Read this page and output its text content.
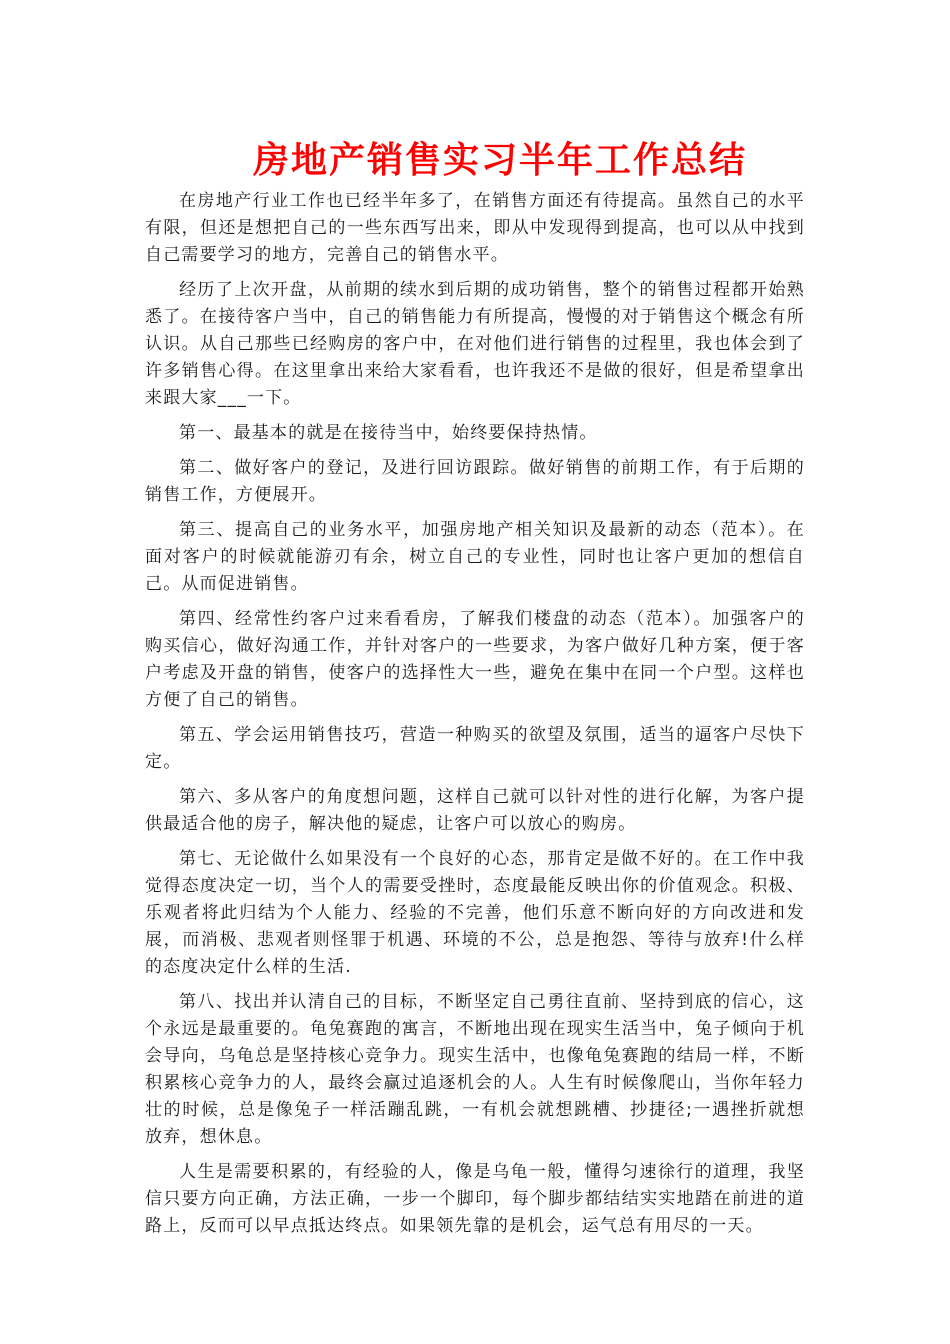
房地产销售实习半年工作总结

在房地产行业工作也已经半年多了，在销售方面还有待提高。虽然自己的水平有限，但还是想把自己的一些东西写出来，即从中发现得到提高，也可以从中找到自己需要学习的地方，完善自己的销售水平。

经历了上次开盘，从前期的续水到后期的成功销售，整个的销售过程都开始熟悉了。在接待客户当中，自己的销售能力有所提高，慢慢的对于销售这个概念有所认识。从自己那些已经购房的客户中，在对他们进行销售的过程里，我也体会到了许多销售心得。在这里拿出来给大家看看，也许我还不是做的很好，但是希望拿出来跟大家___一下。

第一、最基本的就是在接待当中，始终要保持热情。

第二、做好客户的登记，及进行回访跟踪。做好销售的前期工作，有于后期的销售工作，方便展开。

第三、提高自己的业务水平，加强房地产相关知识及最新的动态（范本）。在面对客户的时候就能游刃有余，树立自己的专业性，同时也让客户更加的想信自己。从而促进销售。

第四、经常性约客户过来看看房，了解我们楼盘的动态（范本）。加强客户的购买信心，做好沟通工作，并针对客户的一些要求，为客户做好几种方案，便于客户考虑及开盘的销售，使客户的选择性大一些，避免在集中在同一个户型。这样也方便了自己的销售。

第五、学会运用销售技巧，营造一种购买的欲望及氛围，适当的逼客户尽快下定。

第六、多从客户的角度想问题，这样自己就可以针对性的进行化解，为客户提供最适合他的房子，解决他的疑虑，让客户可以放心的购房。

第七、无论做什么如果没有一个良好的心态，那肯定是做不好的。在工作中我觉得态度决定一切，当个人的需要受挫时，态度最能反映出你的价值观念。积极、乐观者将此归结为个人能力、经验的不完善，他们乐意不断向好的方向改进和发展，而消极、悲观者则怪罪于机遇、环境的不公，总是抱怨、等待与放弃!什么样的态度决定什么样的生活.

第八、找出并认清自己的目标，不断坚定自己勇往直前、坚持到底的信心，这个永远是最重要的。龟兔赛跑的寓言，不断地出现在现实生活当中，兔子倾向于机会导向，乌龟总是坚持核心竞争力。现实生活中，也像龟兔赛跑的结局一样，不断积累核心竞争力的人，最终会赢过追逐机会的人。人生有时候像爬山，当你年轻力壮的时候，总是像兔子一样活蹦乱跳，一有机会就想跳槽、抄捷径;一遇挫折就想放弃，想休息。

人生是需要积累的，有经验的人，像是乌龟一般，懂得匀速徐行的道理，我坚信只要方向正确，方法正确，一步一个脚印，每个脚步都结结实实地踏在前进的道路上，反而可以早点抵达终点。如果领先靠的是机会，运气总有用尽的一天。
